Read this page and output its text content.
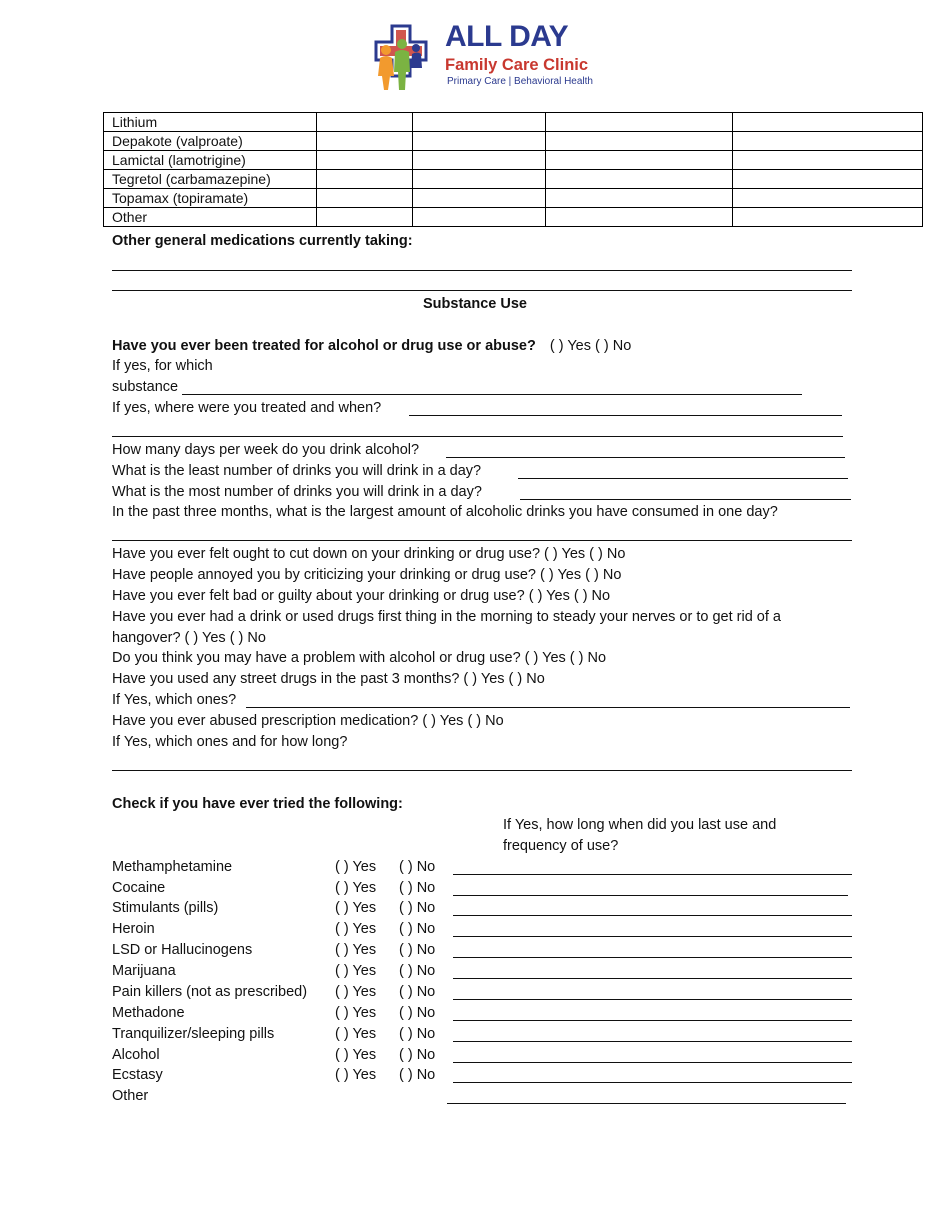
ALL DAY
Family Care Clinic
Primary Care | Behavioral Health
Lithium				
Depakote (valproate)				
Lamictal (lamotrigine)				
Tegretol (carbamazepine)				
Topamax (topiramate)				
Other				
Other general medications currently taking:
Substance Use
Have you ever been treated for alcohol or drug use or abuse? ( ) Yes ( ) No
If yes, for which
substance
If yes, where were you treated and when?
How many days per week do you drink alcohol?
What is the least number of drinks you will drink in a day?
What is the most number of drinks you will drink in a day?
In the past three months, what is the largest amount of alcoholic drinks you have consumed in one day?
Have you ever felt ought to cut down on your drinking or drug use? ( ) Yes ( ) No
Have people annoyed you by criticizing your drinking or drug use? ( ) Yes ( ) No
Have you ever felt bad or guilty about your drinking or drug use? ( ) Yes ( ) No
Have you ever had a drink or used drugs first thing in the morning to steady your nerves or to get rid of a
hangover? ( ) Yes ( ) No
Do you think you may have a problem with alcohol or drug use? ( ) Yes ( ) No
Have you used any street drugs in the past 3 months? ( ) Yes ( ) No
If Yes, which ones?
Have you ever abused prescription medication? ( ) Yes ( ) No
If Yes, which ones and for how long?
Check if you have ever tried the following:
If Yes, how long when did you last use and
frequency of use?
Methamphetamine	( ) Yes ( ) No
Cocaine	( ) Yes ( ) No
Stimulants (pills)	( ) Yes ( ) No
Heroin	( ) Yes ( ) No
LSD or Hallucinogens	( ) Yes ( ) No
Marijuana	( ) Yes ( ) No
Pain killers (not as prescribed) ( ) Yes ( ) No
Methadone	( ) Yes ( ) No
Tranquilizer/sleeping pills	( ) Yes ( ) No
Alcohol	( ) Yes ( ) No
Ecstasy	( ) Yes ( ) No
Other
